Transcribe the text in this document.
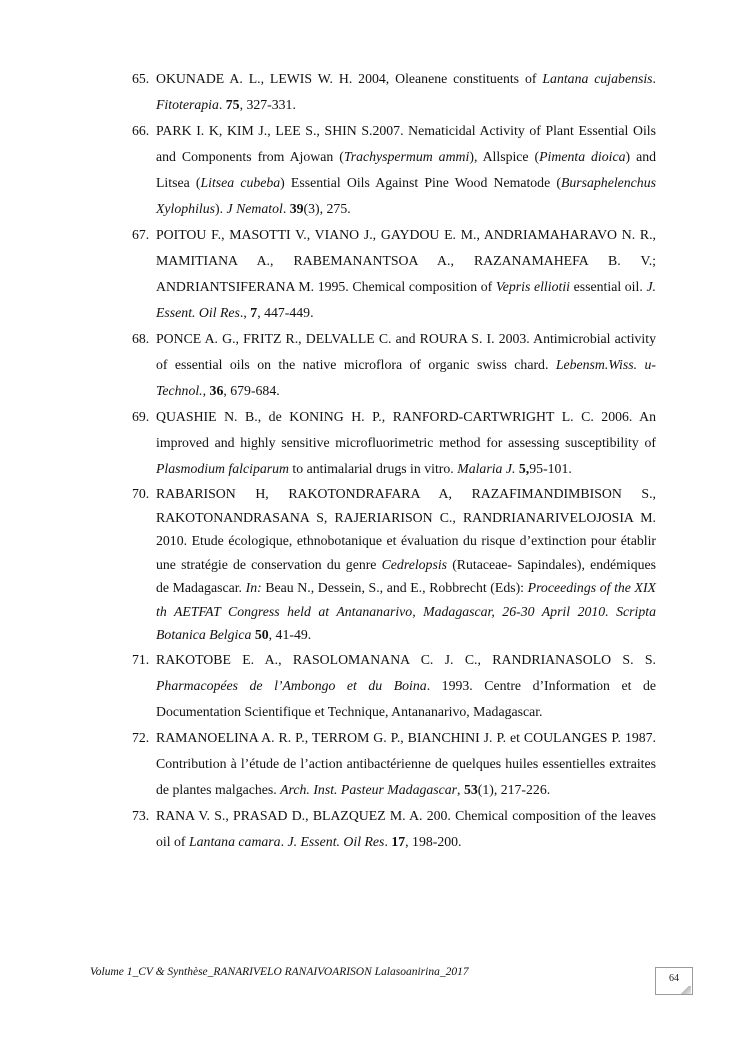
65. OKUNADE A. L., LEWIS W. H. 2004, Oleanene constituents of Lantana cujabensis. Fitoterapia. 75, 327-331.
66. PARK I. K, KIM J., LEE S., SHIN S.2007. Nematicidal Activity of Plant Essential Oils and Components from Ajowan (Trachyspermum ammi), Allspice (Pimenta dioica) and Litsea (Litsea cubeba) Essential Oils Against Pine Wood Nematode (Bursaphelenchus Xylophilus). J Nematol. 39(3), 275.
67. POITOU F., MASOTTI V., VIANO J., GAYDOU E. M., ANDRIAMAHARAVO N. R., MAMITIANA A., RABEMANANTSOA A., RAZANAMAHEFA B. V.; ANDRIANTSIFERANA M. 1995. Chemical composition of Vepris elliotii essential oil. J. Essent. Oil Res., 7, 447-449.
68. PONCE A. G., FRITZ R., DELVALLE C. and ROURA S. I. 2003. Antimicrobial activity of essential oils on the native microflora of organic swiss chard. Lebensm.Wiss. u-Technol., 36, 679-684.
69. QUASHIE N. B., de KONING H. P., RANFORD-CARTWRIGHT L. C. 2006. An improved and highly sensitive microfluorimetric method for assessing susceptibility of Plasmodium falciparum to antimalarial drugs in vitro. Malaria J. 5,95-101.
70. RABARISON H, RAKOTONDRAFARA A, RAZAFIMANDIMBISON S., RAKOTONANDRASANA S, RAJERIARISON C., RANDRIANARIVELOJOSIA M. 2010. Etude écologique, ethnobotanique et évaluation du risque d’extinction pour établir une stratégie de conservation du genre Cedrelopsis (Rutaceae- Sapindales), endémiques de Madagascar. In: Beau N., Dessein, S., and E., Robbrecht (Eds): Proceedings of the XIX th AETFAT Congress held at Antananarivo, Madagascar, 26-30 April 2010. Scripta Botanica Belgica 50, 41-49.
71. RAKOTOBE E. A., RASOLOMANANA C. J. C., RANDRIANASOLO S. S. Pharmacopées de l’Ambongo et du Boina. 1993. Centre d’Information et de Documentation Scientifique et Technique, Antananarivo, Madagascar.
72. RAMANOELINA A. R. P., TERROM G. P., BIANCHINI J. P. et COULANGES P. 1987. Contribution à l’étude de l’action antibactérienne de quelques huiles essentielles extraites de plantes malgaches. Arch. Inst. Pasteur Madagascar, 53(1), 217-226.
73. RANA V. S., PRASAD D., BLAZQUEZ M. A. 200. Chemical composition of the leaves oil of Lantana camara. J. Essent. Oil Res. 17, 198-200.
Volume 1_CV & Synthèse_RANARIVELO RANAIVOARISON Lalasoanirina_2017
64
